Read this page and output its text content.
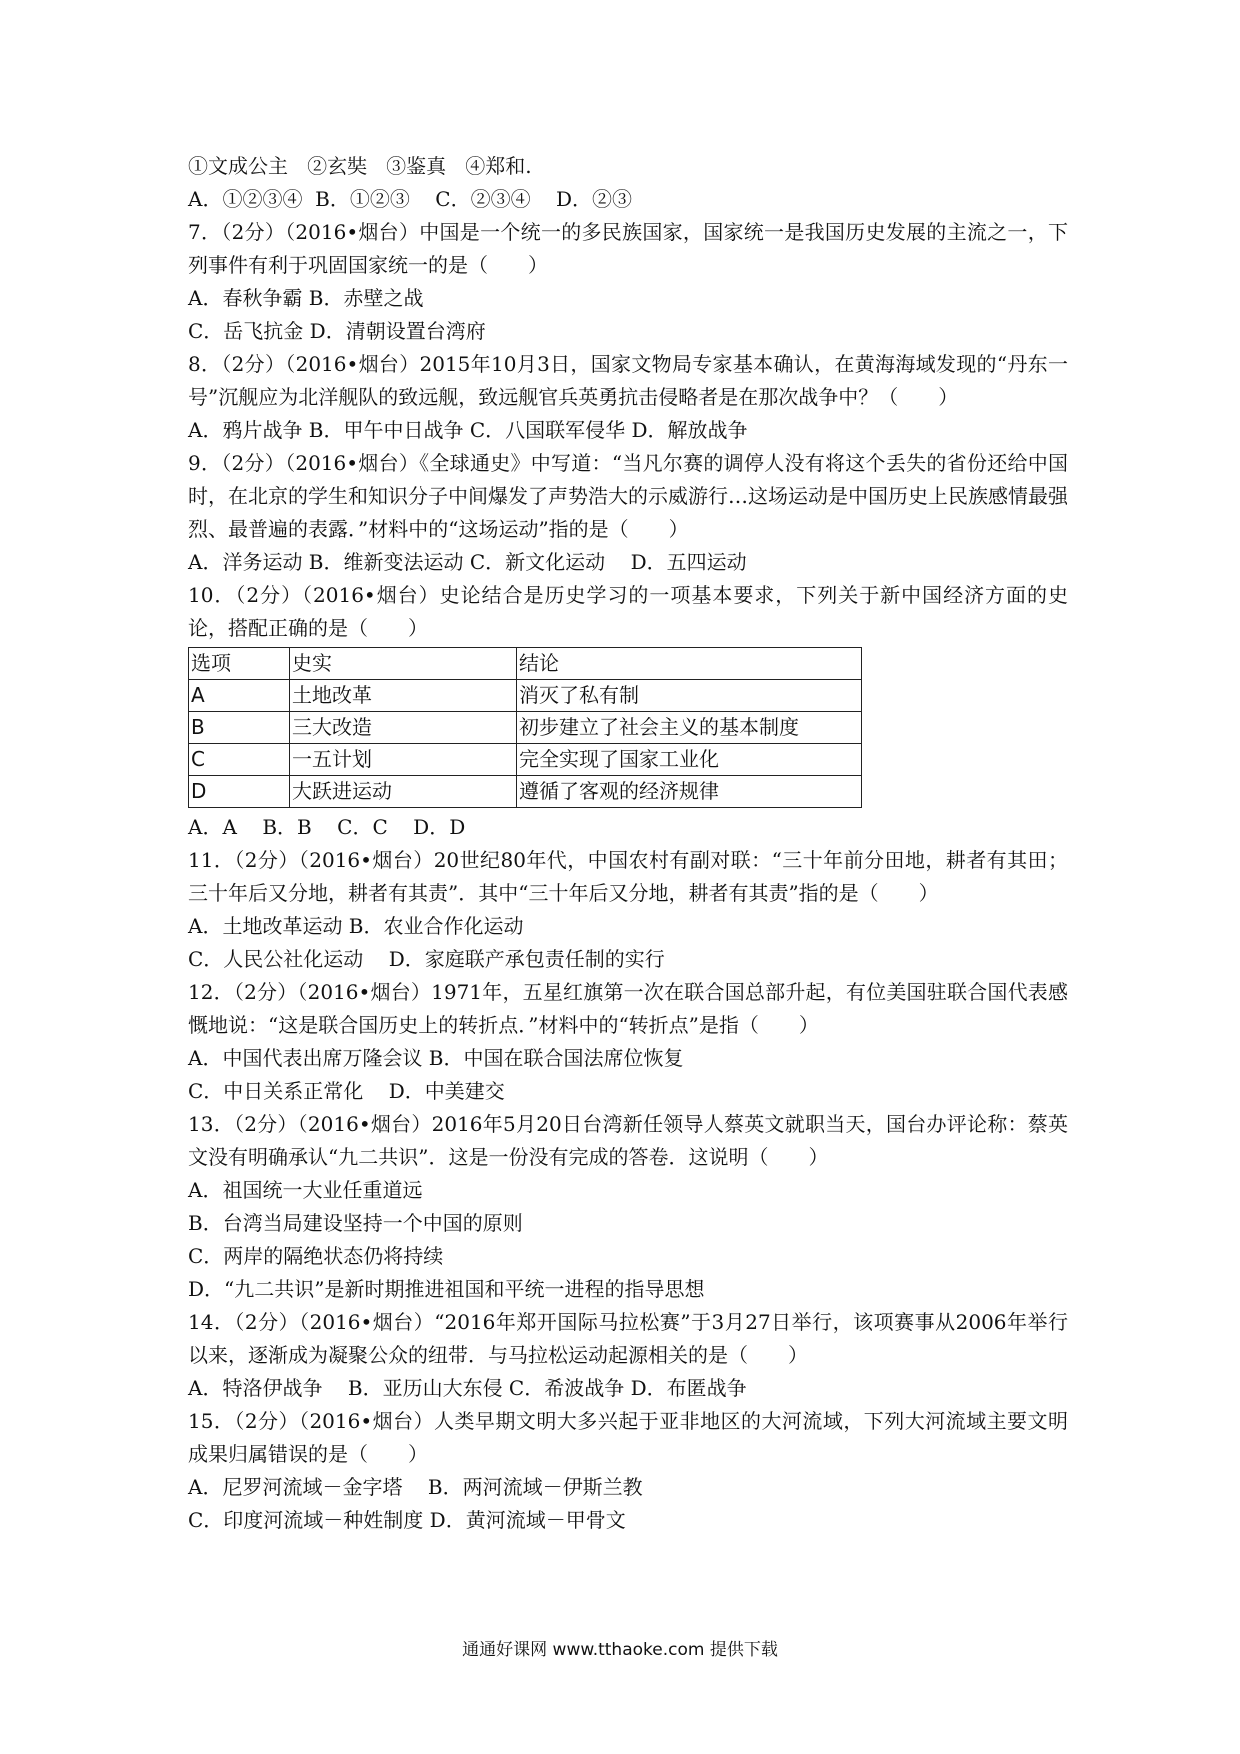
①文成公主   ②玄奘   ③鉴真   ④郑和.
A．①②③④  B．①②③    C．②③④    D．②③
7．（2分）（2016•烟台）中国是一个统一的多民族国家，国家统一是我国历史发展的主流之一，下列事件有利于巩固国家统一的是（　　）
A．春秋争霸 B．赤壁之战
C．岳飞抗金 D．清朝设置台湾府
8．（2分）（2016•烟台）2015年10月3日，国家文物局专家基本确认，在黄海海域发现的“丹东一号”沉舰应为北洋舰队的致远舰，致远舰官兵英勇抗击侵略者是在那次战争中？（　　）
A．鸦片战争 B．甲午中日战争 C．八国联军侵华 D．解放战争
9．（2分）（2016•烟台）《全球通史》中写道：“当凡尔赛的调停人没有将这个丢失的省份还给中国时，在北京的学生和知识分子中间爆发了声势浩大的示威游行…这场运动是中国历史上民族感情最强烈、最普遍的表露．”材料中的“这场运动”指的是（　　）
A．洋务运动 B．维新变法运动 C．新文化运动    D．五四运动
10．（2分）（2016•烟台）史论结合是历史学习的一项基本要求，下列关于新中国经济方面的史论，搭配正确的是（　　）
选项	史实	结论
A	土地改革	消灭了私有制
B	三大改造	初步建立了社会主义的基本制度
C	一五计划	完全实现了国家工业化
D	大跃进运动	遵循了客观的经济规律
A．A    B．B    C．C    D．D
11．（2分）（2016•烟台）20世纪80年代，中国农村有副对联：“三十年前分田地，耕者有其田；三十年后又分地，耕者有其责”．其中“三十年后又分地，耕者有其责”指的是（　　）
A．土地改革运动 B．农业合作化运动
C．人民公社化运动    D．家庭联产承包责任制的实行
12．（2分）（2016•烟台）1971年，五星红旗第一次在联合国总部升起，有位美国驻联合国代表感慨地说：“这是联合国历史上的转折点．”材料中的“转折点”是指（　　）
A．中国代表出席万隆会议 B．中国在联合国法席位恢复
C．中日关系正常化    D．中美建交
13．（2分）（2016•烟台）2016年5月20日台湾新任领导人蔡英文就职当天，国台办评论称：蔡英文没有明确承认“九二共识”．这是一份没有完成的答卷．这说明（　　）
A．祖国统一大业任重道远
B．台湾当局建设坚持一个中国的原则
C．两岸的隔绝状态仍将持续
D．“九二共识”是新时期推进祖国和平统一进程的指导思想
14．（2分）（2016•烟台）“2016年郑开国际马拉松赛”于3月27日举行，该项赛事从2006年举行以来，逐渐成为凝聚公众的纽带．与马拉松运动起源相关的是（　　）
A．特洛伊战争    B．亚历山大东侵 C．希波战争 D．布匿战争
15．（2分）（2016•烟台）人类早期文明大多兴起于亚非地区的大河流域，下列大河流域主要文明成果归属错误的是（　　）
A．尼罗河流域－金字塔    B．两河流域－伊斯兰教
C．印度河流域－种姓制度 D．黄河流域－甲骨文
通通好课网 www.tthaoke.com 提供下载
